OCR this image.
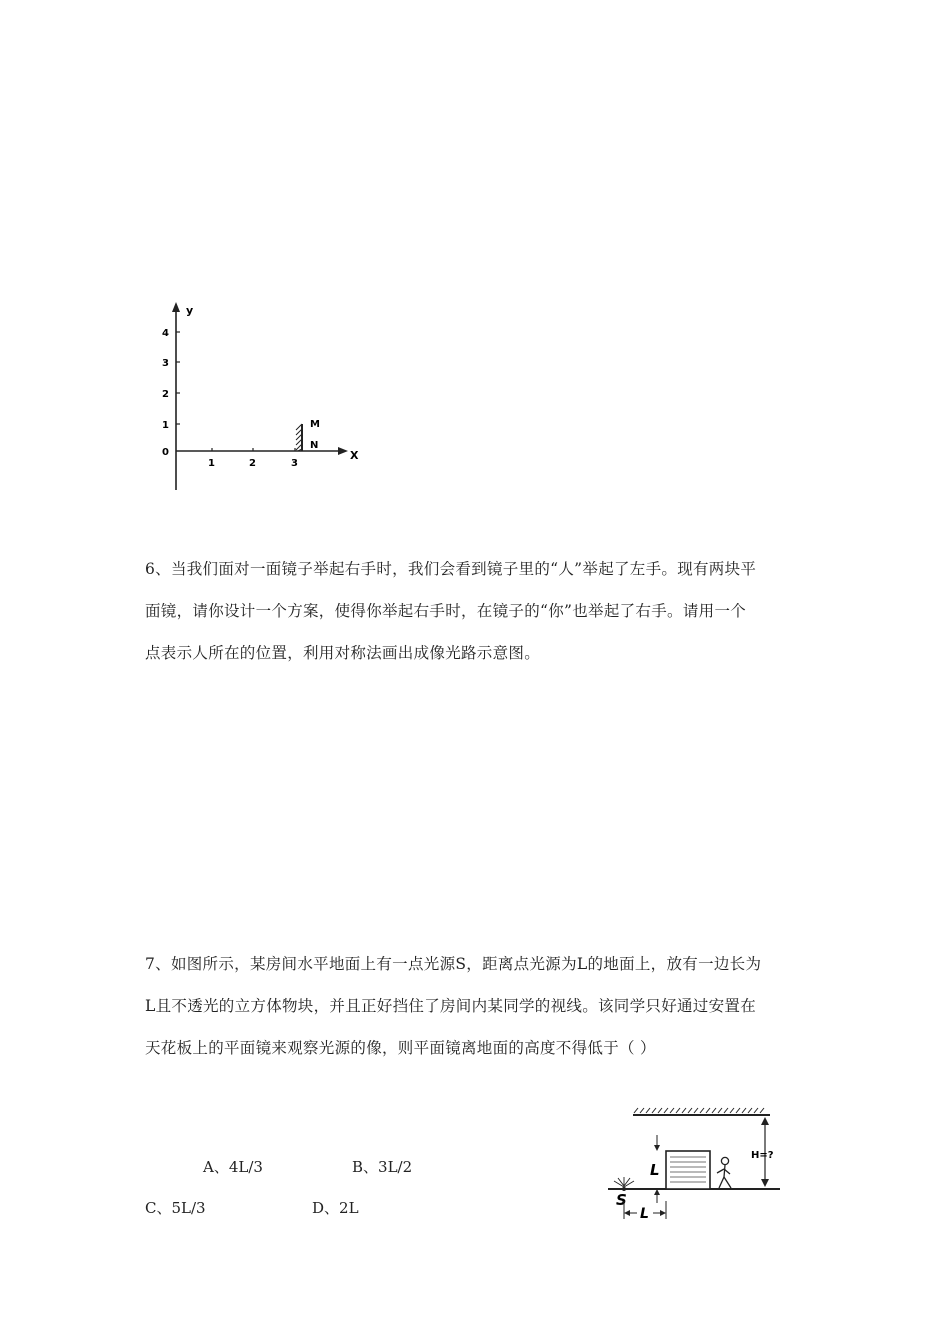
y
X
4
3
2
1
0
1	2	3
M
N
6、当我们面对一面镜子举起右手时，我们会看到镜子里的“人”举起了左手。现有两块平
面镜，请你设计一个方案，使得你举起右手时，在镜子的“你”也举起了右手。请用一个
点表示人所在的位置，利用对称法画出成像光路示意图。
7、如图所示，某房间水平地面上有一点光源S，距离点光源为L的地面上，放有一边长为
L且不透光的立方体物块，并且正好挡住了房间内某同学的视线。该同学只好通过安置在
天花板上的平面镜来观察光源的像，则平面镜离地面的高度不得低于（ ）
A、4L/3	B、3L/2
C、5L/3	D、2L
H=?
L
S
L
